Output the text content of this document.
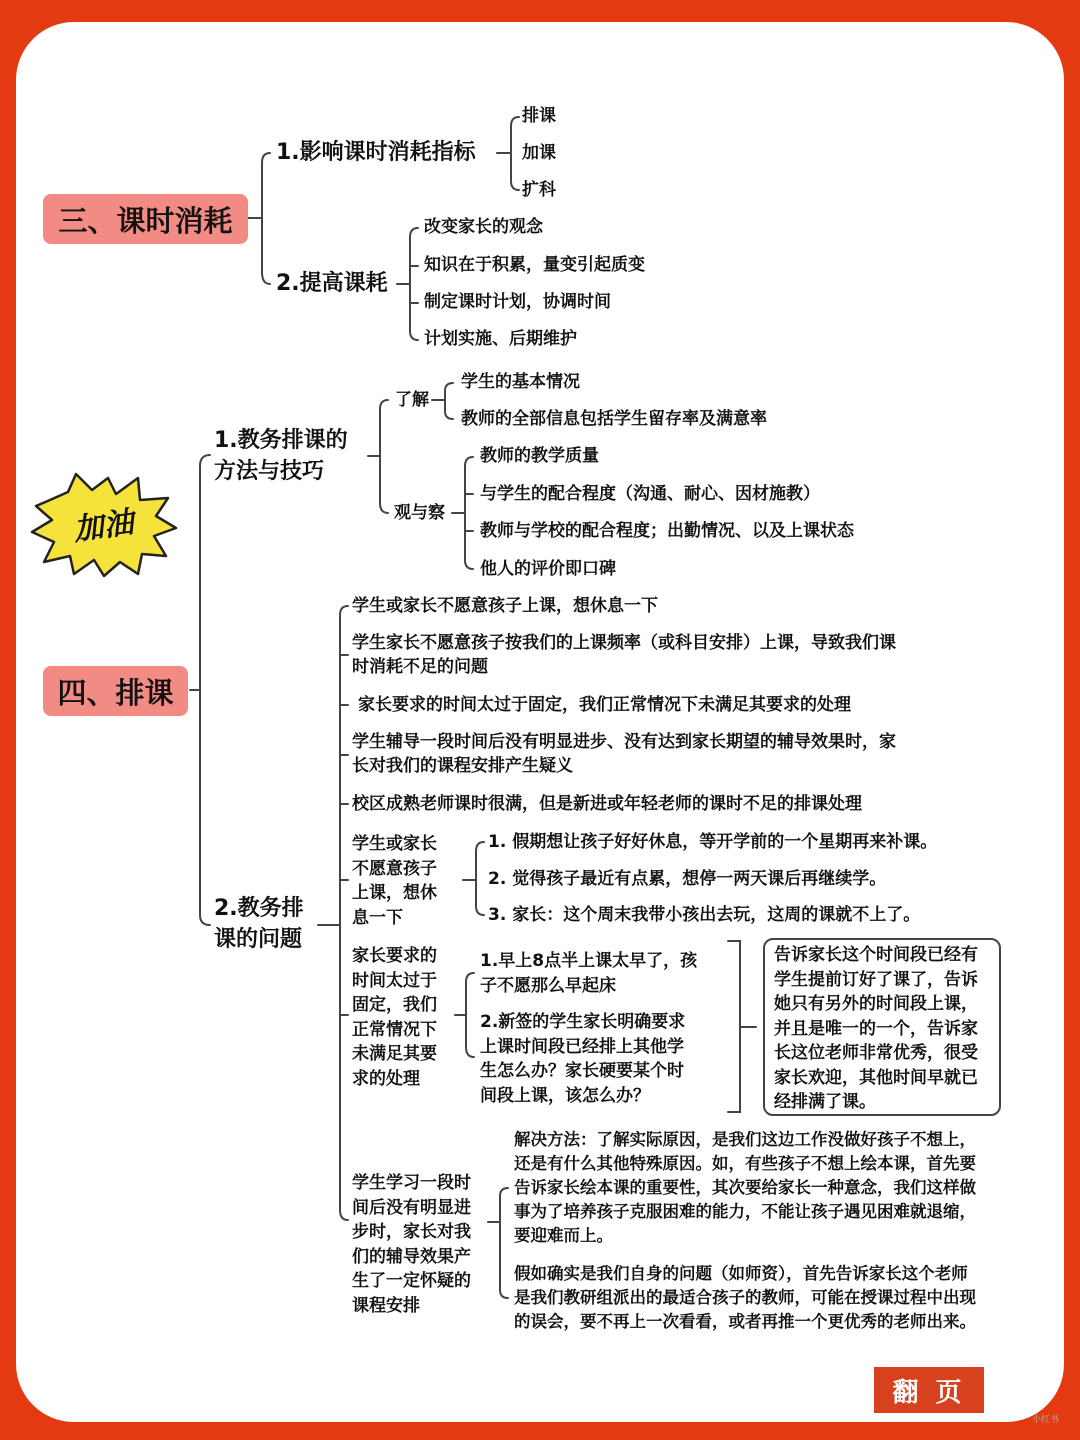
三、课时消耗
1.影响课时消耗指标
排课
加课
扩科
2.提高课耗
改变家长的观念
知识在于积累，量变引起质变
制定课时计划，协调时间
计划实施、后期维护
加油
四、排课
1.教务排课的
方法与技巧
了解
学生的基本情况
教师的全部信息包括学生留存率及满意率
观与察
教师的教学质量
与学生的配合程度（沟通、耐心、因材施教）
教师与学校的配合程度；出勤情况、以及上课状态
他人的评价即口碑
2.教务排
课的问题
学生或家长不愿意孩子上课，想休息一下
学生家长不愿意孩子按我们的上课频率（或科目安排）上课，导致我们课
时消耗不足的问题
家长要求的时间太过于固定，我们正常情况下未满足其要求的处理
学生辅导一段时间后没有明显进步、没有达到家长期望的辅导效果时，家
长对我们的课程安排产生疑义
校区成熟老师课时很满，但是新进或年轻老师的课时不足的排课处理
学生或家长
不愿意孩子
上课，想休
息一下
1. 假期想让孩子好好休息，等开学前的一个星期再来补课。
2. 觉得孩子最近有点累，想停一两天课后再继续学。
3. 家长：这个周末我带小孩出去玩，这周的课就不上了。
家长要求的
时间太过于
固定，我们
正常情况下
未满足其要
求的处理
1.早上8点半上课太早了，孩
子不愿那么早起床
2.新签的学生家长明确要求
上课时间段已经排上其他学
生怎么办？家长硬要某个时
间段上课，该怎么办？
告诉家长这个时间段已经有
学生提前订好了课了，告诉
她只有另外的时间段上课，
并且是唯一的一个，告诉家
长这位老师非常优秀，很受
家长欢迎，其他时间早就已
经排满了课。
学生学习一段时
间后没有明显进
步时，家长对我
们的辅导效果产
生了一定怀疑的
课程安排
解决方法：了解实际原因，是我们这边工作没做好孩子不想上，
还是有什么其他特殊原因。如，有些孩子不想上绘本课，首先要
告诉家长绘本课的重要性，其次要给家长一种意念，我们这样做
事为了培养孩子克服困难的能力，不能让孩子遇见困难就退缩，
要迎难而上。
假如确实是我们自身的问题（如师资），首先告诉家长这个老师
是我们教研组派出的最适合孩子的教师，可能在授课过程中出现
的误会，要不再上一次看看，或者再推一个更优秀的老师出来。
翻 页
小红书
